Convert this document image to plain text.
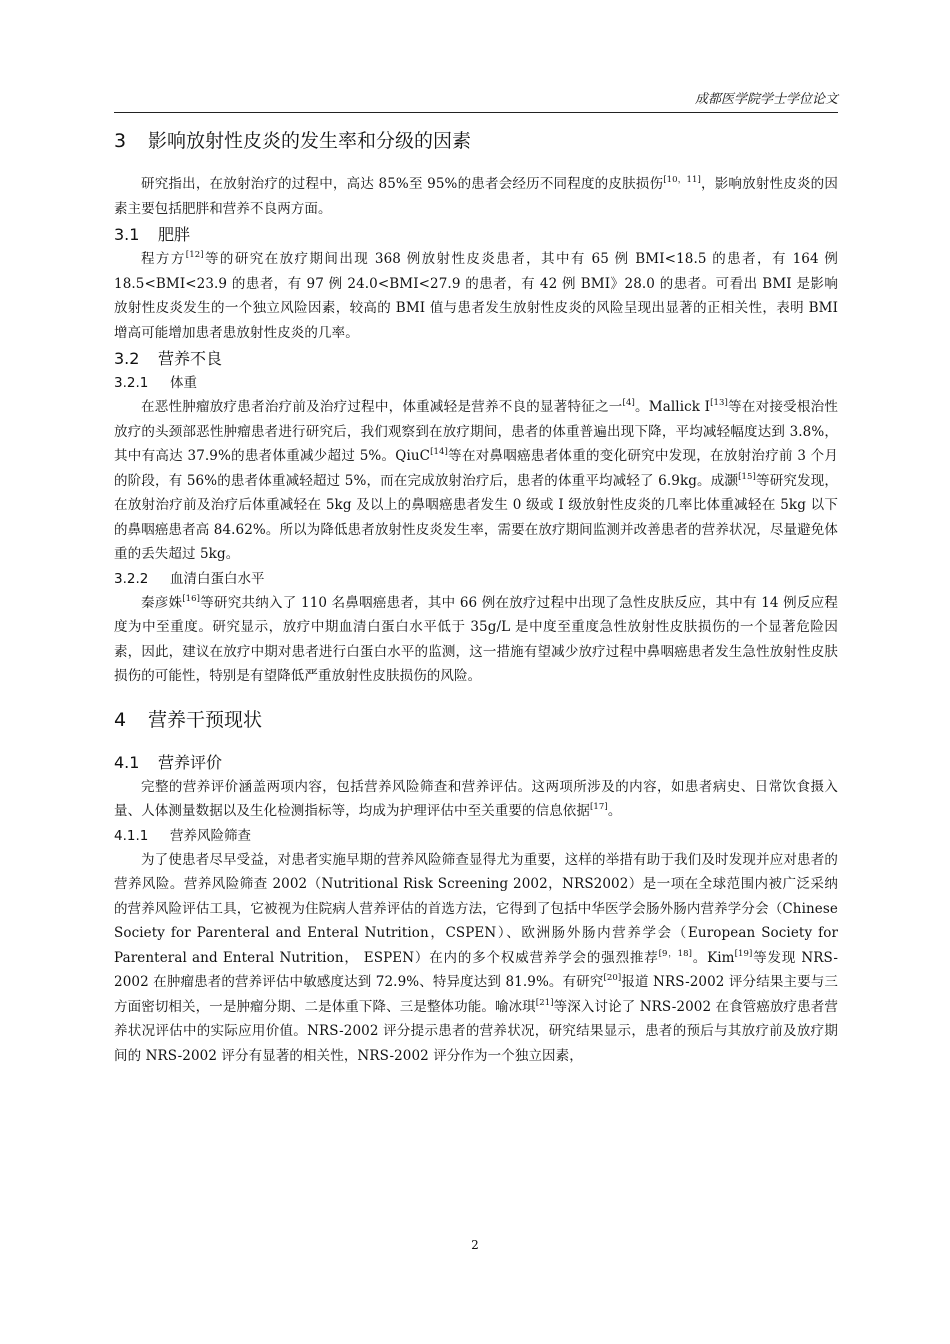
成都医学院学士学位论文
3 影响放射性皮炎的发生率和分级的因素

研究指出，在放射治疗的过程中，高达 85%至 95%的患者会经历不同程度的皮肤损伤[10，11]，影响放射性皮炎的因素主要包括肥胖和营养不良两方面。

3.1 肥胖

程方方[12]等的研究在放疗期间出现 368 例放射性皮炎患者，其中有 65 例 BMI<18.5 的患者，有 164 例 18.5<BMI<23.9 的患者，有 97 例 24.0<BMI<27.9 的患者，有 42 例 BMI》28.0 的患者。可看出 BMI 是影响放射性皮炎发生的一个独立风险因素，较高的 BMI 值与患者发生放射性皮炎的风险呈现出显著的正相关性，表明 BMI 增高可能增加患者患放射性皮炎的几率。

3.2 营养不良
3.2.1 体重

在恶性肿瘤放疗患者治疗前及治疗过程中，体重减轻是营养不良的显著特征之一[4]。Mallick I[13]等在对接受根治性放疗的头颈部恶性肿瘤患者进行研究后，我们观察到在放疗期间，患者的体重普遍出现下降，平均减轻幅度达到 3.8%，其中有高达 37.9%的患者体重减少超过 5%。QiuC[14]等在对鼻咽癌患者体重的变化研究中发现，在放射治疗前 3 个月的阶段，有 56%的患者体重减轻超过 5%，而在完成放射治疗后，患者的体重平均减轻了 6.9kg。成灏[15]等研究发现，在放射治疗前及治疗后体重减轻在 5kg 及以上的鼻咽癌患者发生 0 级或 I 级放射性皮炎的几率比体重减轻在 5kg 以下的鼻咽癌患者高 84.62%。所以为降低患者放射性皮炎发生率，需要在放疗期间监测并改善患者的营养状况，尽量避免体重的丢失超过 5kg。

3.2.2 血清白蛋白水平

秦彦姝[16]等研究共纳入了 110 名鼻咽癌患者，其中 66 例在放疗过程中出现了急性皮肤反应，其中有 14 例反应程度为中至重度。研究显示，放疗中期血清白蛋白水平低于 35g/L 是中度至重度急性放射性皮肤损伤的一个显著危险因素，因此，建议在放疗中期对患者进行白蛋白水平的监测，这一措施有望减少放疗过程中鼻咽癌患者发生急性放射性皮肤损伤的可能性，特别是有望降低严重放射性皮肤损伤的风险。

4 营养干预现状
4.1 营养评价

完整的营养评价涵盖两项内容，包括营养风险筛查和营养评估。这两项所涉及的内容，如患者病史、日常饮食摄入量、人体测量数据以及生化检测指标等，均成为护理评估中至关重要的信息依据[17]。

4.1.1 营养风险筛查

为了使患者尽早受益，对患者实施早期的营养风险筛查显得尤为重要，这样的举措有助于我们及时发现并应对患者的营养风险。营养风险筛查 2002（Nutritional Risk Screening 2002，NRS2002）是一项在全球范围内被广泛采纳的营养风险评估工具，它被视为住院病人营养评估的首选方法，它得到了包括中华医学会肠外肠内营养学分会（Chinese Society for Parenteral and Enteral Nutrition，CSPEN）、欧洲肠外肠内营养学会（European Society for Parenteral and Enteral Nutrition， ESPEN）在内的多个权威营养学会的强烈推荐[9，18]。Kim[19]等发现 NRS-2002 在肿瘤患者的营养评估中敏感度达到 72.9%、特异度达到 81.9%。有研究[20]报道 NRS-2002 评分结果主要与三方面密切相关，一是肿瘤分期、二是体重下降、三是整体功能。喻冰琪[21]等深入讨论了 NRS-2002 在食管癌放疗患者营养状况评估中的实际应用价值。NRS-2002 评分提示患者的营养状况，研究结果显示，患者的预后与其放疗前及放疗期间的 NRS-2002 评分有显著的相关性，NRS-2002 评分作为一个独立因素，

2
